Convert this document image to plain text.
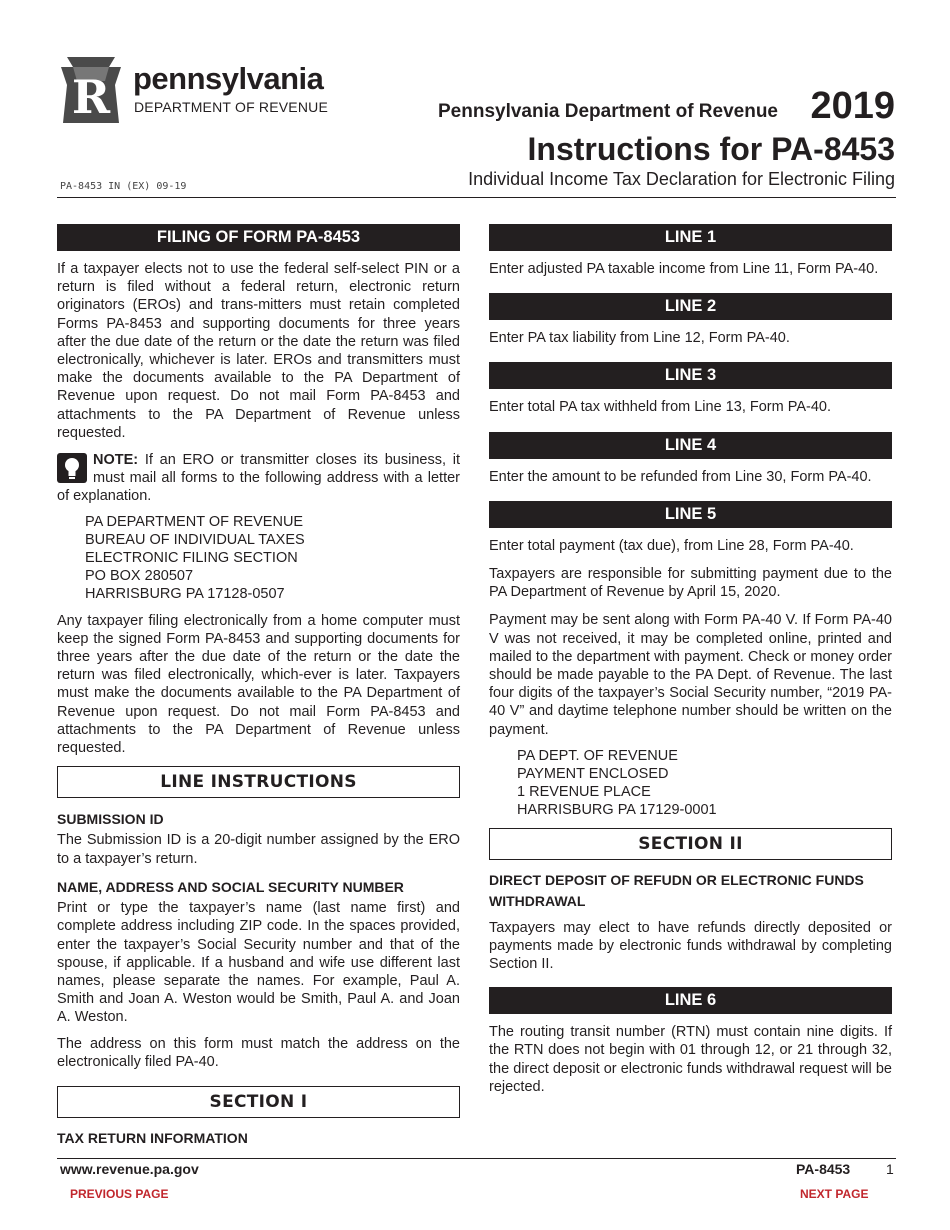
R pennsylvania
DEPARTMENT OF REVENUE	Pennsylvania Department of Revenue 2019
Instructions for PA-8453
Individual Income Tax Declaration for Electronic Filing
PA-8453 IN (EX) 09-19
FILING OF FORM PA-8453

If a taxpayer elects not to use the federal self-select PIN or a return is filed without a federal return, electronic return originators (EROs) and trans-mitters must retain completed Forms PA-8453 and supporting documents for three years after the due date of the return or the date the return was filed electronically, whichever is later. EROs and transmitters must make the documents available to the PA Department of Revenue upon request. Do not mail Form PA-8453 and attachments to the PA Department of Revenue unless requested.

NOTE: If an ERO or transmitter closes its business, it must mail all forms to the following address with a letter of explanation.

PA DEPARTMENT OF REVENUE
BUREAU OF INDIVIDUAL TAXES
ELECTRONIC FILING SECTION
PO BOX 280507
HARRISBURG PA 17128-0507

Any taxpayer filing electronically from a home computer must keep the signed Form PA-8453 and supporting documents for three years after the due date of the return or the date the return was filed electronically, which-ever is later. Taxpayers must make the documents available to the PA Department of Revenue upon request. Do not mail Form PA-8453 and attachments to the PA Department of Revenue unless requested.

LINE INSTRUCTIONS
SUBMISSION ID

The Submission ID is a 20-digit number assigned by the ERO to a taxpayer’s return.

NAME, ADDRESS AND SOCIAL SECURITY NUMBER

Print or type the taxpayer’s name (last name first) and complete address including ZIP code. In the spaces provided, enter the taxpayer’s Social Security number and that of the spouse, if applicable. If a husband and wife use different last names, please separate the names. For example, Paul A. Smith and Joan A. Weston would be Smith, Paul A. and Joan A. Weston.

The address on this form must match the address on the electronically filed PA-40.

SECTION I
TAX RETURN INFORMATION
LINE 1

Enter adjusted PA taxable income from Line 11, Form PA-40.

LINE 2

Enter PA tax liability from Line 12, Form PA-40.

LINE 3

Enter total PA tax withheld from Line 13, Form PA-40.

LINE 4

Enter the amount to be refunded from Line 30, Form PA-40.

LINE 5

Enter total payment (tax due), from Line 28, Form PA-40.

Taxpayers are responsible for submitting payment due to the PA Department of Revenue by April 15, 2020.

Payment may be sent along with Form PA-40 V. If Form PA-40 V was not received, it may be completed online, printed and mailed to the department with payment. Check or money order should be made payable to the PA Dept. of Revenue. The last four digits of the taxpayer’s Social Security number, “2019 PA-40 V” and daytime telephone number should be written on the payment.

PA DEPT. OF REVENUE
PAYMENT ENCLOSED
1 REVENUE PLACE
HARRISBURG PA 17129-0001
SECTION II
DIRECT DEPOSIT OF REFUDN OR ELECTRONIC FUNDS WITHDRAWAL

Taxpayers may elect to have refunds directly deposited or payments made by electronic funds withdrawal by completing Section II.

LINE 6

The routing transit number (RTN) must contain nine digits. If the RTN does not begin with 01 through 12, or 21 through 32, the direct deposit or electronic funds withdrawal request will be rejected.

www.revenue.pa.gov	PA-8453	1
PREVIOUS PAGE	NEXT PAGE
